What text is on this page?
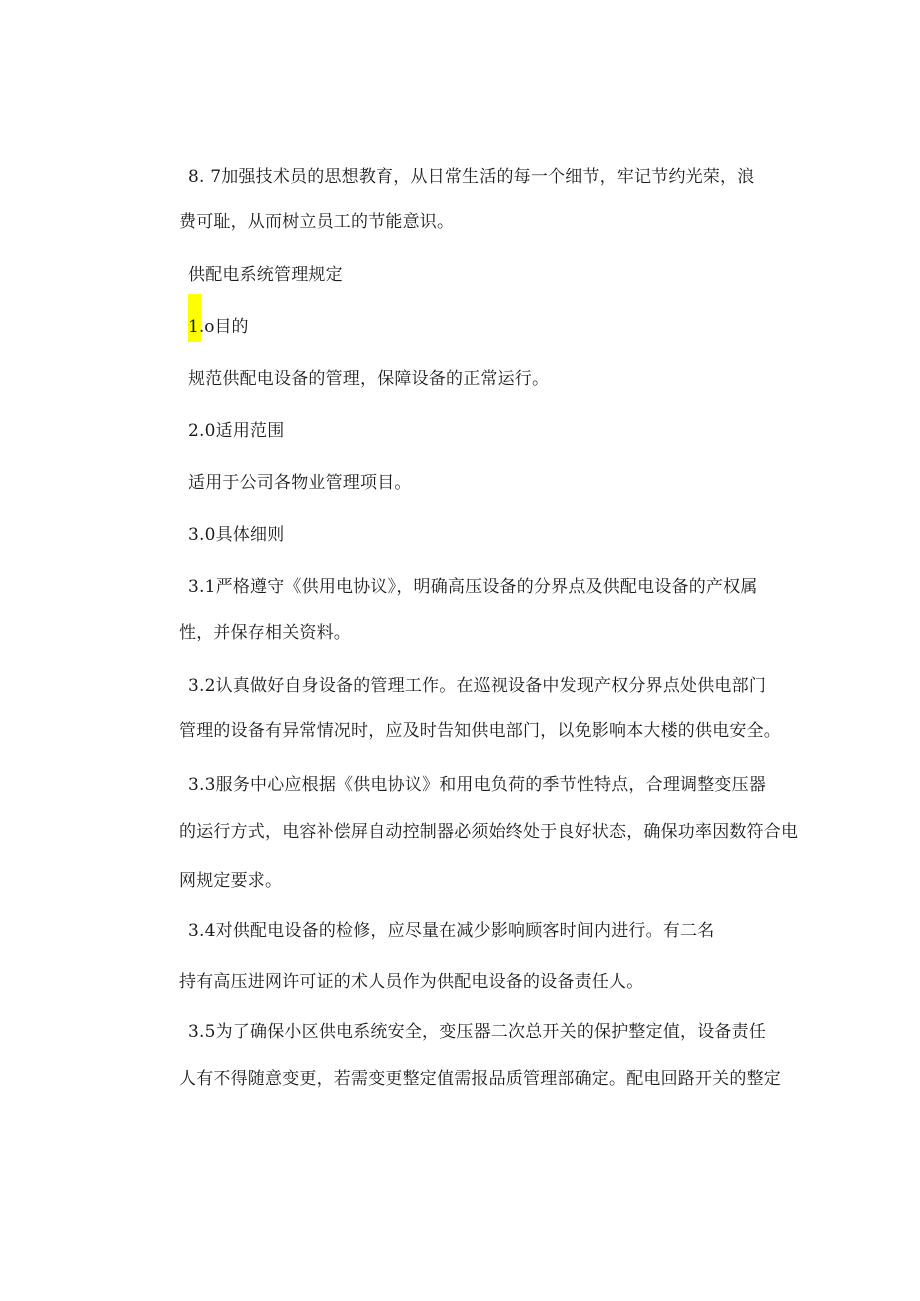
8. 7加强技术员的思想教育，从日常生活的每一个细节，牢记节约光荣，浪
费可耻，从而树立员工的节能意识。
供配电系统管理规定
1.o目的
规范供配电设备的管理，保障设备的正常运行。
2.0适用范围
适用于公司各物业管理项目。
3.0具体细则
3.1严格遵守《供用电协议》，明确高压设备的分界点及供配电设备的产权属
性，并保存相关资料。
3.2认真做好自身设备的管理工作。在巡视设备中发现产权分界点处供电部门
管理的设备有异常情况时，应及时告知供电部门，以免影响本大楼的供电安全。
3.3服务中心应根据《供电协议》和用电负荷的季节性特点，合理调整变压器
的运行方式，电容补偿屏自动控制器必须始终处于良好状态，确保功率因数符合电
网规定要求。
3.4对供配电设备的检修，应尽量在减少影响顾客时间内进行。有二名
持有高压进网许可证的术人员作为供配电设备的设备责任人。
3.5为了确保小区供电系统安全，变压器二次总开关的保护整定值，设备责任
人有不得随意变更，若需变更整定值需报品质管理部确定。配电回路开关的整定
